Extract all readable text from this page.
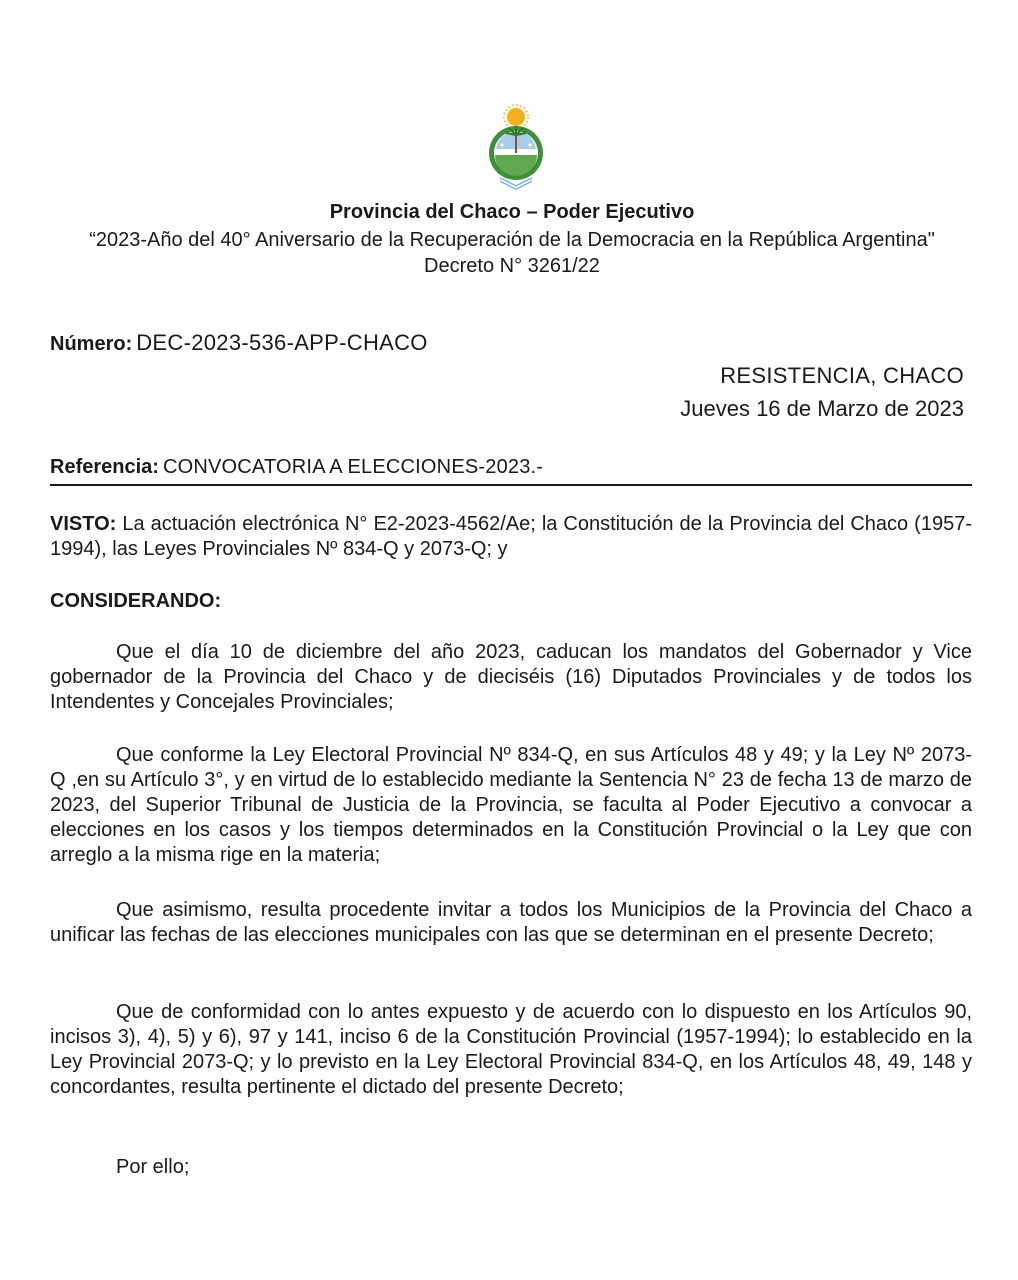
Provincia del Chaco – Poder Ejecutivo
“2023-Año del 40° Aniversario de la Recuperación de la Democracia en la República Argentina" Decreto N° 3261/22
Número: DEC-2023-536-APP-CHACO
RESISTENCIA, CHACO
Jueves 16 de Marzo de 2023
Referencia: CONVOCATORIA A ELECCIONES-2023.-
VISTO: La actuación electrónica N° E2-2023-4562/Ae; la Constitución de la Provincia del Chaco (1957-1994), las Leyes Provinciales Nº 834-Q y 2073-Q; y
CONSIDERANDO:
Que el día 10 de diciembre del año 2023, caducan los mandatos del Gobernador y Vice gobernador de la Provincia del Chaco y de dieciséis (16) Diputados Provinciales y de todos los Intendentes y Concejales Provinciales;
Que conforme la Ley Electoral Provincial Nº 834-Q, en sus Artículos 48 y 49; y la Ley Nº 2073- Q ,en su Artículo 3°, y en virtud de lo establecido mediante la Sentencia N° 23 de fecha 13 de marzo de 2023, del Superior Tribunal de Justicia de la Provincia, se faculta al Poder Ejecutivo a convocar a elecciones en los casos y los tiempos determinados en la Constitución Provincial o la Ley que con arreglo a la misma rige en la materia;
Que asimismo, resulta procedente invitar a todos los Municipios de la Provincia del Chaco a unificar las fechas de las elecciones municipales con las que se determinan en el presente Decreto;
Que de conformidad con lo antes expuesto y de acuerdo con lo dispuesto en los Artículos 90, incisos 3), 4), 5) y 6), 97 y 141, inciso 6 de la Constitución Provincial (1957-1994); lo establecido en la Ley Provincial 2073-Q; y lo previsto en la Ley Electoral Provincial 834-Q, en los Artículos 48, 49, 148 y concordantes, resulta pertinente el dictado del presente Decreto;
Por ello;
